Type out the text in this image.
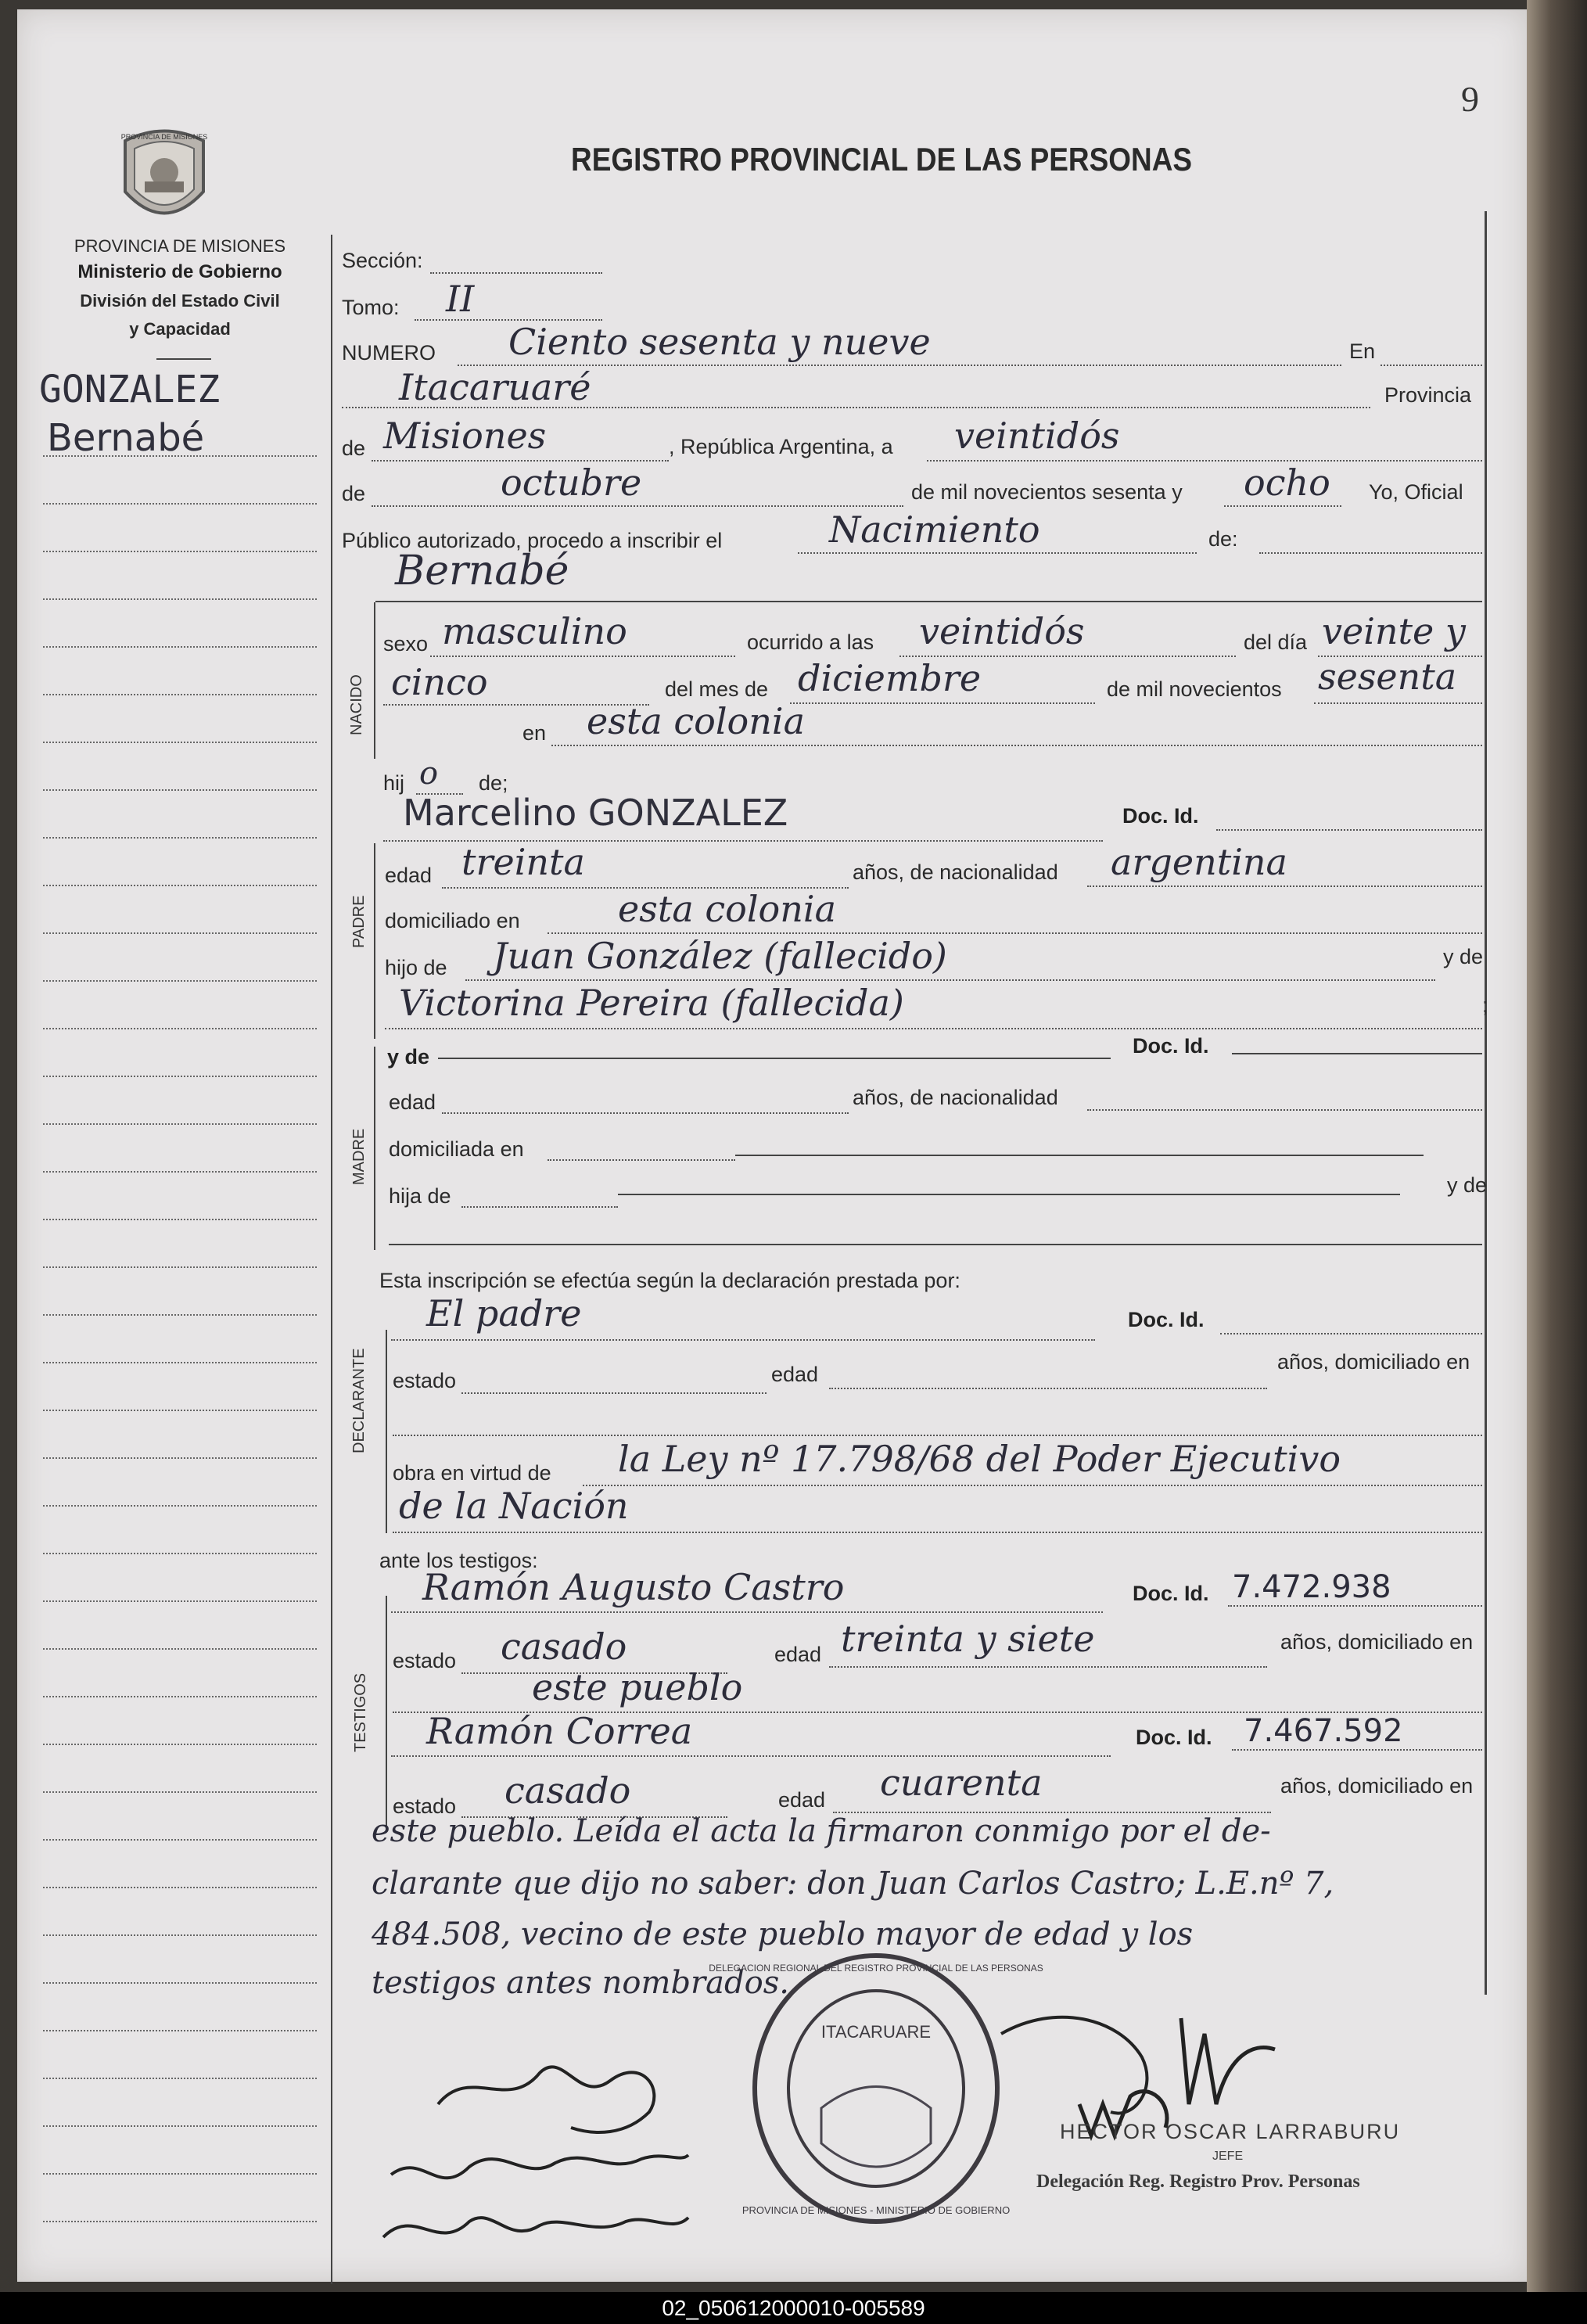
9
REGISTRO PROVINCIAL DE LAS PERSONAS
PROVINCIA DE MISIONES
PROVINCIA DE MISIONES
Ministerio de Gobierno
División del Estado Civil
y Capacidad
GONZALEZ
Bernabé
Sección:
Tomo: II
NUMERO Ciento sesenta y nueve	En
Itacaruaré	Provincia
de Misiones	, República Argentina, a veintidós
de	octubre	de mil novecientos sesenta y ocho Yo, Oficial
Público autorizado, procedo a inscribir el	Nacimiento	de:
NACIDO
Bernabé
sexo masculino	ocurrido a las veintidós	del día veinte y
cinco	del mes de diciembre	de mil novecientos sesenta
en esta colonia
hij o de;
PADRE
Marcelino GONZALEZ	Doc. Id.
edad treinta	años, de nacionalidad argentina
domiciliado en	esta colonia
hijo de Juan González (fallecido)	y de
Victorina Pereira (fallecida)	;
MADRE
y de	Doc. Id.
edad	años, de nacionalidad
domiciliada en
hija de	y de
Esta inscripción se efectúa según la declaración prestada por:
DECLARANTE
El padre	Doc. Id.
estado	edad
años, domiciliado en
obra en virtud de la Ley nº 17.798/68 del Poder Ejecutivo
de la Nación
ante los testigos:
TESTIGOS
Ramón Augusto Castro	Doc. Id. 7.472.938
estado casado	edad treinta y siete	años, domiciliado en
este pueblo
Ramón Correa	Doc. Id. 7.467.592
estado casado	edad cuarenta	años, domiciliado en
este pueblo. Leída el acta la firmaron conmigo por el de-
clarante que dijo no saber: don Juan Carlos Castro; L.E.nº 7,
484.508, vecino de este pueblo mayor de edad y los
testigos antes nombrados.
ITACARUARE
DELEGACION REGIONAL DEL REGISTRO PROVINCIAL DE LAS PERSONAS
PROVINCIA DE MISIONES - MINISTERIO DE GOBIERNO
HECTOR OSCAR LARRABURU
JEFE
Delegación Reg. Registro Prov. Personas
02_050612000010-005589
